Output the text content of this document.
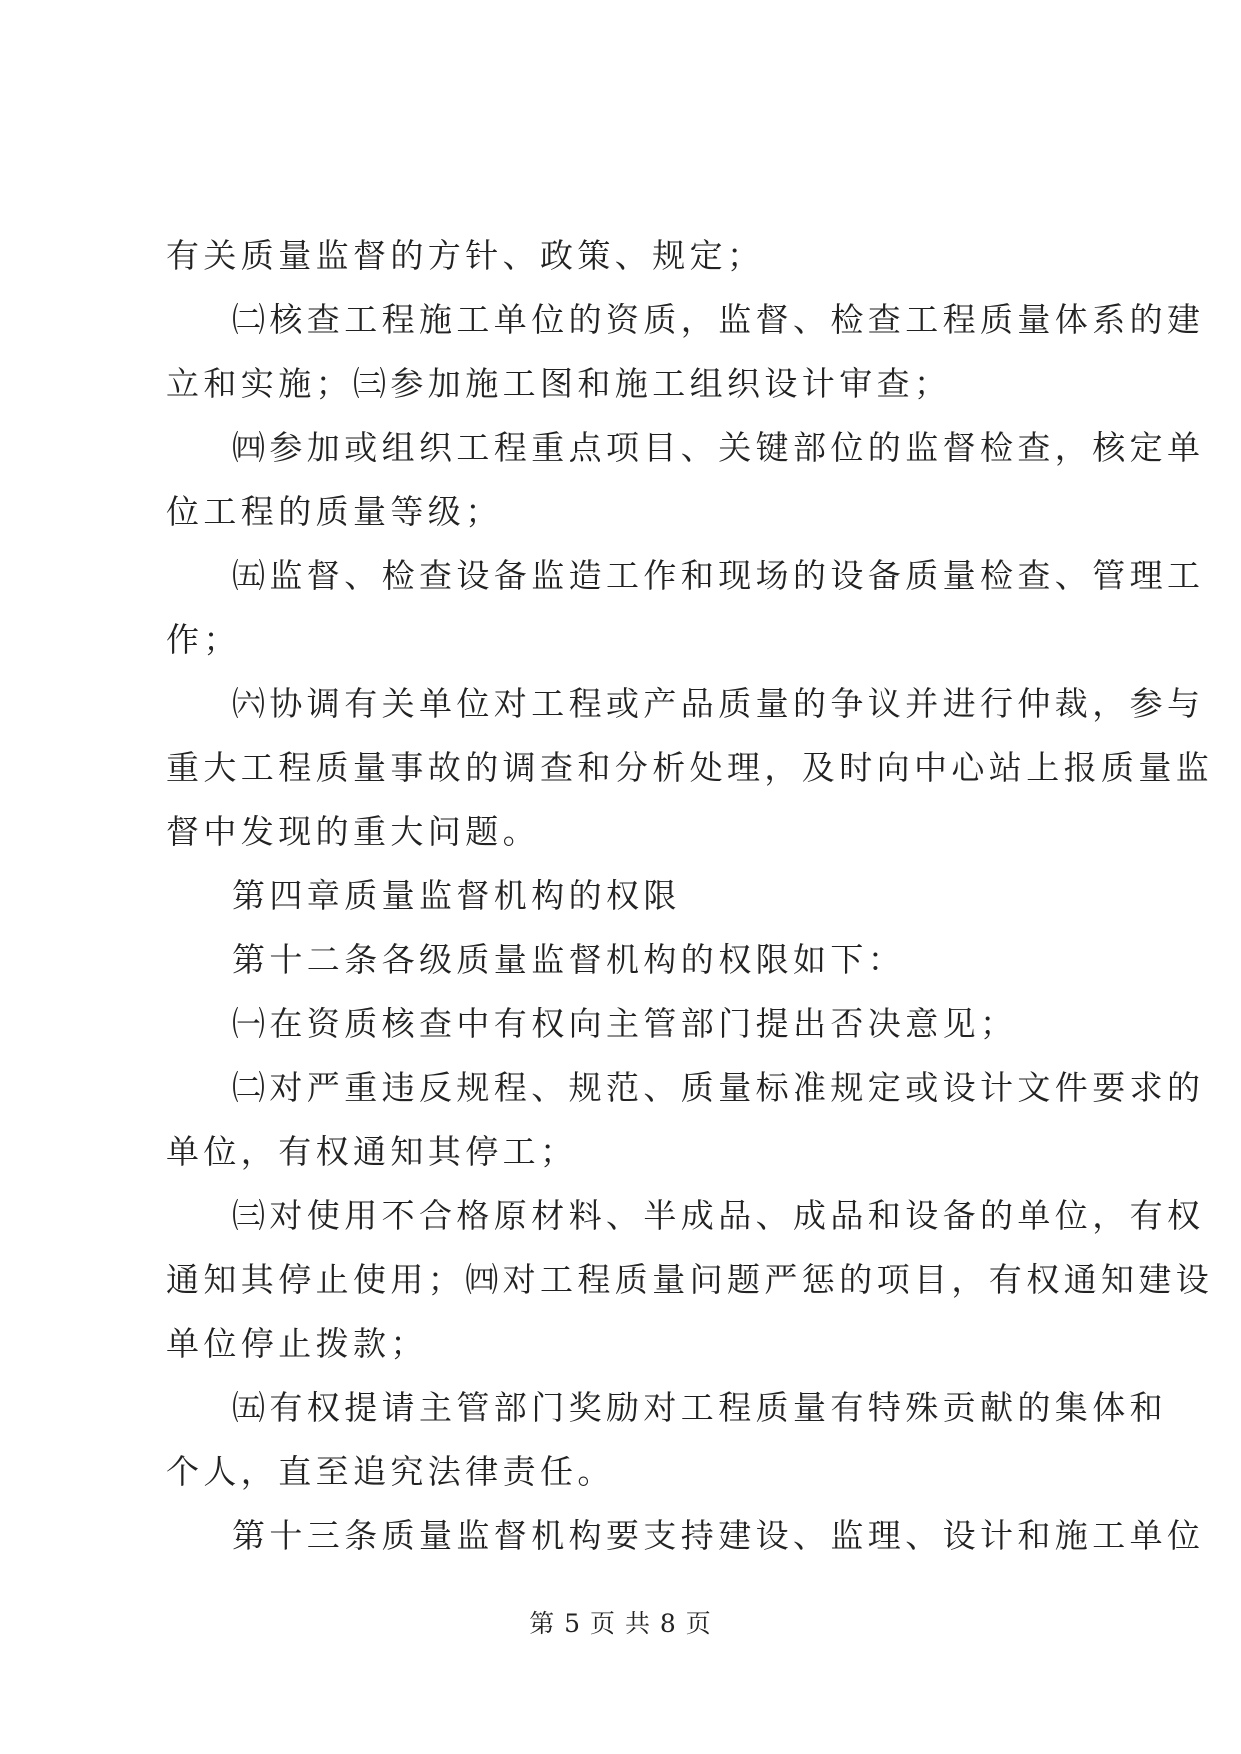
有关质量监督的方针、政策、规定；
㈡核查工程施工单位的资质，监督、检查工程质量体系的建
立和实施；㈢参加施工图和施工组织设计审查；
㈣参加或组织工程重点项目、关键部位的监督检查，核定单
位工程的质量等级；
㈤监督、检查设备监造工作和现场的设备质量检查、管理工
作；
㈥协调有关单位对工程或产品质量的争议并进行仲裁，参与
重大工程质量事故的调查和分析处理，及时向中心站上报质量监
督中发现的重大问题。
第四章质量监督机构的权限
第十二条各级质量监督机构的权限如下：
㈠在资质核查中有权向主管部门提出否决意见；
㈡对严重违反规程、规范、质量标准规定或设计文件要求的
单位，有权通知其停工；
㈢对使用不合格原材料、半成品、成品和设备的单位，有权
通知其停止使用；㈣对工程质量问题严惩的项目，有权通知建设
单位停止拨款；
㈤有权提请主管部门奖励对工程质量有特殊贡献的集体和
个人，直至追究法律责任。
第十三条质量监督机构要支持建设、监理、设计和施工单位
第 5 页 共 8 页
